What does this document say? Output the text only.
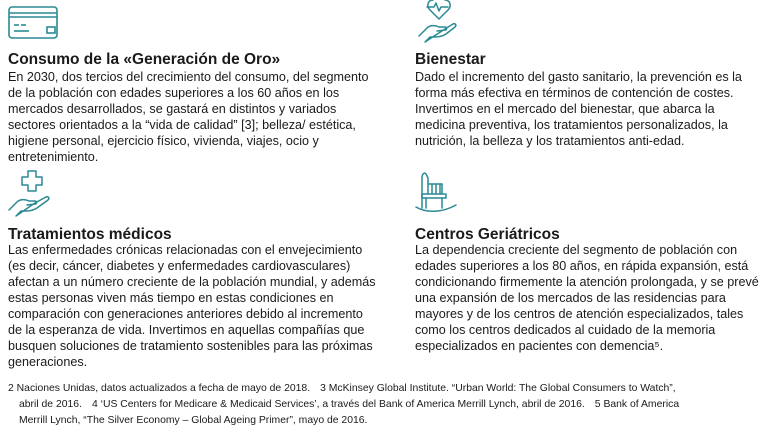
Consumo de la «Generación de Oro»
En 2030, dos tercios del crecimiento del consumo, del segmento de la población con edades superiores a los 60 años en los mercados desarrollados, se gastará en distintos y variados sectores orientados a la “vida de calidad” [3]; belleza/ estética, higiene personal, ejercicio físico, vivienda, viajes, ocio y entretenimiento.
Bienestar
Dado el incremento del gasto sanitario, la prevención es la forma más efectiva en términos de contención de costes. Invertimos en el mercado del bienestar, que abarca la medicina preventiva, los tratamientos personalizados, la nutrición, la belleza y los tratamientos anti-edad.
Tratamientos médicos
Las enfermedades crónicas relacionadas con el envejecimiento (es decir, cáncer, diabetes y enfermedades cardiovasculares) afectan a un número creciente de la población mundial, y además estas personas viven más tiempo en estas condiciones en comparación con generaciones anteriores debido al incremento de la esperanza de vida. Invertimos en aquellas compañías que busquen soluciones de tratamiento sostenibles para las próximas generaciones.
Centros Geriátricos
La dependencia creciente del segmento de población con edades superiores a los 80 años, en rápida expansión, está condicionando firmemente la atención prolongada, y se prevé una expansión de los mercados de las residencias para mayores y de los centros de atención especializados, tales como los centros dedicados al cuidado de la memoria especializados en pacientes con demencia⁵.
2 Naciones Unidas, datos actualizados a fecha de mayo de 2018. 3 McKinsey Global Institute. “Urban World: The Global Consumers to Watch”,
abril de 2016. 4 ‘US Centers for Medicare & Medicaid Services’, a través del Bank of America Merrill Lynch, abril de 2016. 5 Bank of America
Merrill Lynch, “The Silver Economy – Global Ageing Primer”, mayo de 2016.
